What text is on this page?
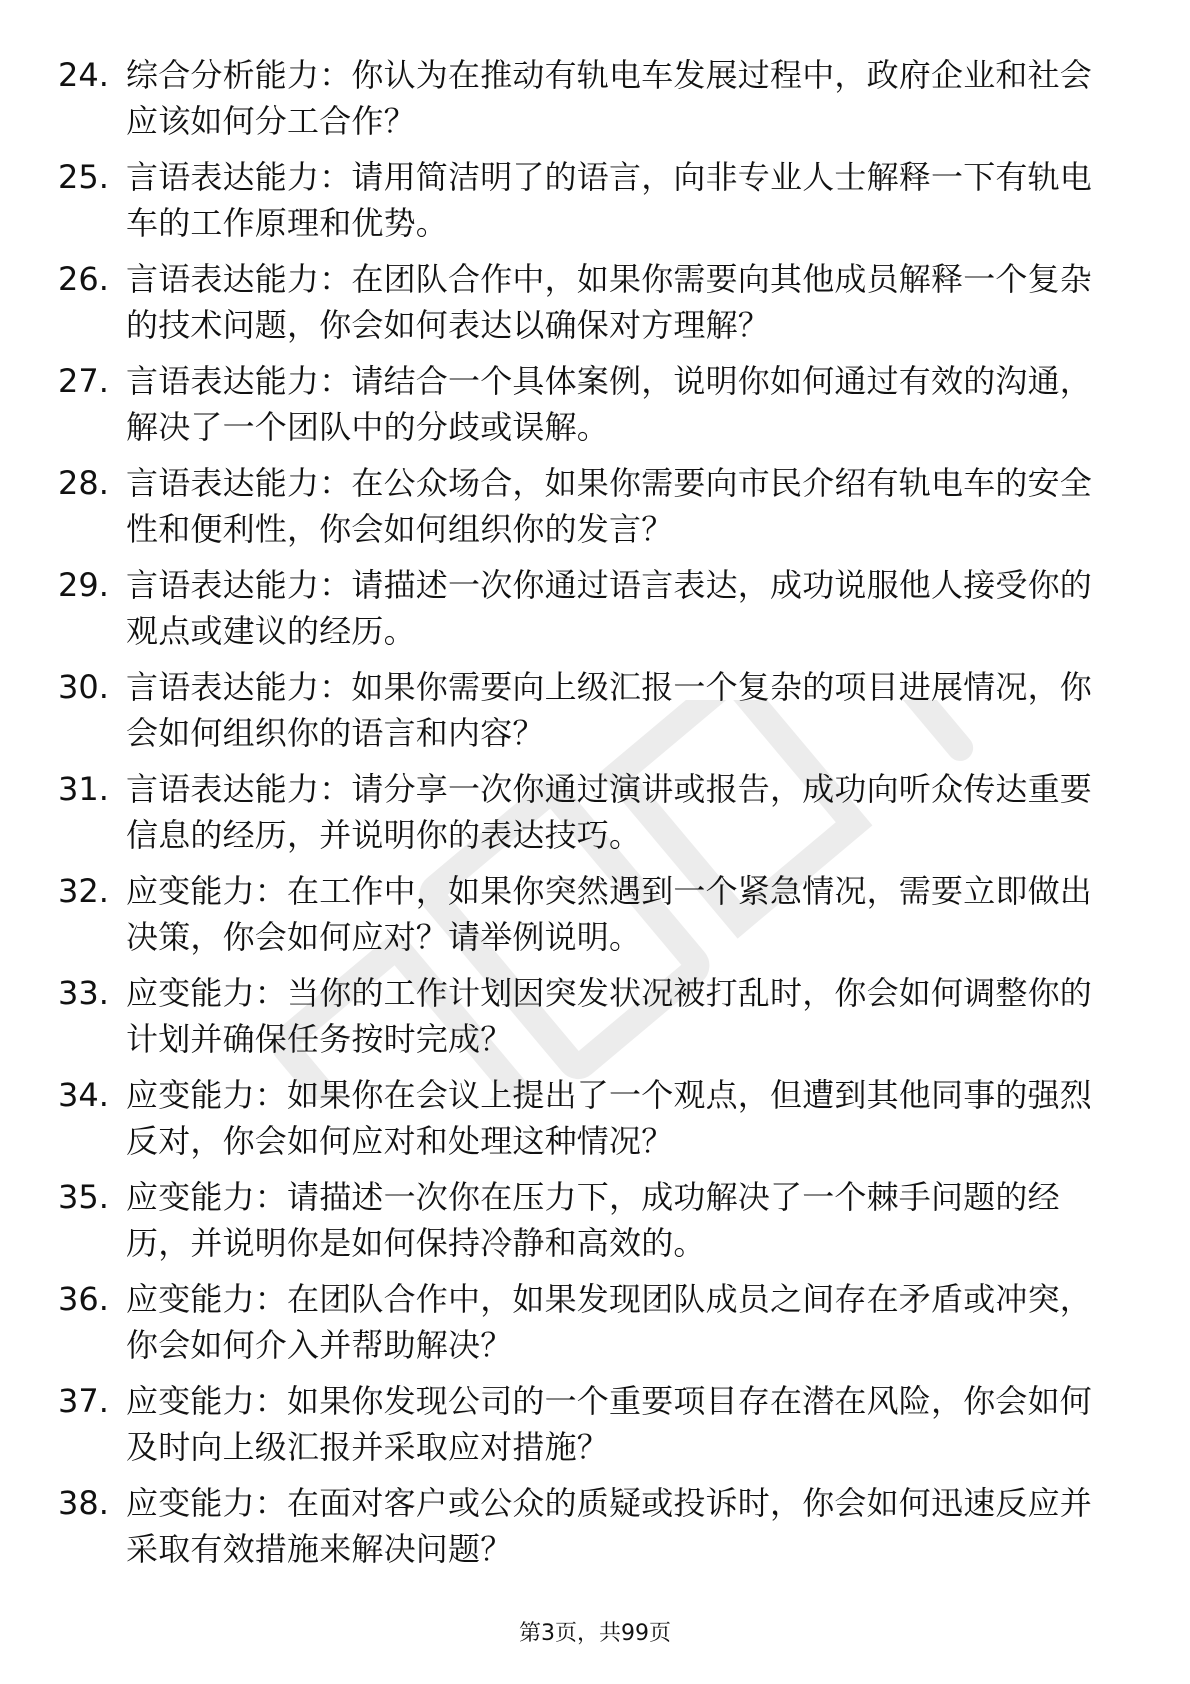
24. 综合分析能力：你认为在推动有轨电车发展过程中，政府企业和社会应该如何分工合作？
25. 言语表达能力：请用简洁明了的语言，向非专业人士解释一下有轨电车的工作原理和优势。
26. 言语表达能力：在团队合作中，如果你需要向其他成员解释一个复杂的技术问题，你会如何表达以确保对方理解？
27. 言语表达能力：请结合一个具体案例，说明你如何通过有效的沟通，解决了一个团队中的分歧或误解。
28. 言语表达能力：在公众场合，如果你需要向市民介绍有轨电车的安全性和便利性，你会如何组织你的发言？
29. 言语表达能力：请描述一次你通过语言表达，成功说服他人接受你的观点或建议的经历。
30. 言语表达能力：如果你需要向上级汇报一个复杂的项目进展情况，你会如何组织你的语言和内容？
31. 言语表达能力：请分享一次你通过演讲或报告，成功向听众传达重要信息的经历，并说明你的表达技巧。
32. 应变能力：在工作中，如果你突然遇到一个紧急情况，需要立即做出决策，你会如何应对？请举例说明。
33. 应变能力：当你的工作计划因突发状况被打乱时，你会如何调整你的计划并确保任务按时完成？
34. 应变能力：如果你在会议上提出了一个观点，但遭到其他同事的强烈反对，你会如何应对和处理这种情况？
35. 应变能力：请描述一次你在压力下，成功解决了一个棘手问题的经历，并说明你是如何保持冷静和高效的。
36. 应变能力：在团队合作中，如果发现团队成员之间存在矛盾或冲突，你会如何介入并帮助解决？
37. 应变能力：如果你发现公司的一个重要项目存在潜在风险，你会如何及时向上级汇报并采取应对措施？
38. 应变能力：在面对客户或公众的质疑或投诉时，你会如何迅速反应并采取有效措施来解决问题？
第3页，共99页
